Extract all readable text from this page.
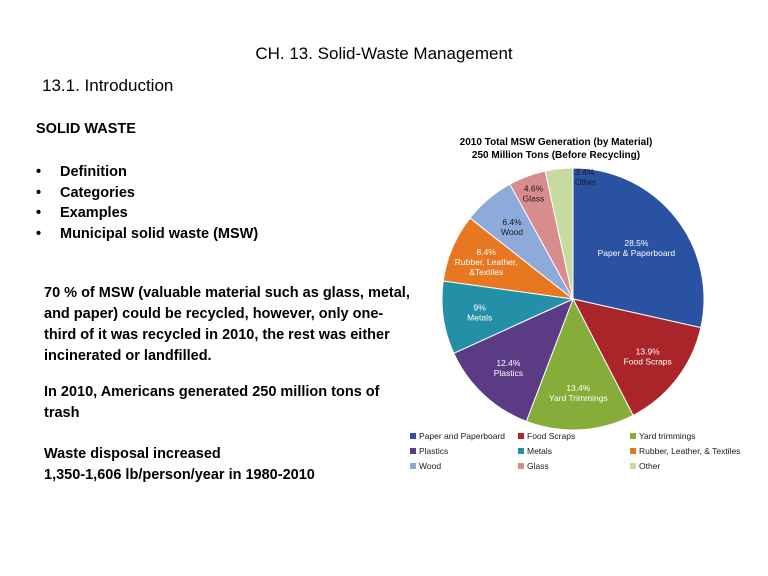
CH. 13. Solid-Waste Management
13.1. Introduction
SOLID WASTE
• Definition
• Categories
• Examples
• Municipal solid waste (MSW)
70 % of MSW (valuable material such as glass, metal, and paper) could be recycled, however, only one-third of it was recycled in 2010, the rest was either incinerated or landfilled.
In 2010, Americans generated 250 million tons of trash
Waste disposal increased
1,350-1,606 lb/person/year in 1980-2010
2010 Total MSW Generation (by Material)
250 Million Tons (Before Recycling)
28.5%
Paper & Paperboard
13.9%
Food Scraps
13.4%
Yard Trimmings
12.4%
Plastics
9%
Metals
8.4%
Rubber, Leather,
&Textiles
6.4%
Wood
4.6%
Glass
3.4%
Other
Paper and Paperboard	Food Scraps	Yard trimmings
Plastics	Metals	Rubber, Leather, & Textiles
Wood	Glass	Other
